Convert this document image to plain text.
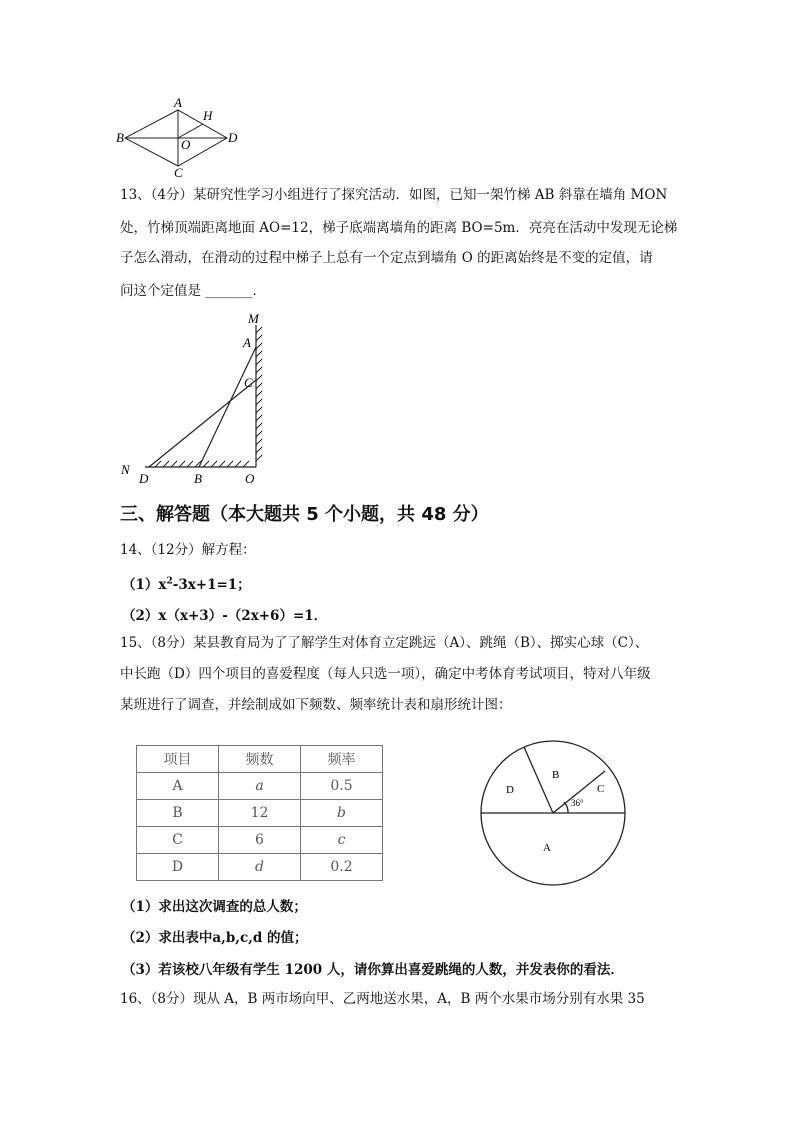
A
H
B	D
O
C
13、（4分）某研究性学习小组进行了探究活动．如图，已知一架竹梯 AB 斜靠在墙角 MON
处，竹梯顶端距离地面 AO=12，梯子底端离墙角的距离 BO=5m．亮亮在活动中发现无论梯
子怎么滑动，在滑动的过程中梯子上总有一个定点到墙角 O 的距离始终是不变的定值，请
问这个定值是 _______．
M
A
C
N
D	B	O
三、解答题（本大题共 5 个小题，共 48 分）
14、（12分）解方程：
$(1)x^2-3x+1=1$；
（2）x（x+3）-（2x+6）=1．
15、（8分）某县教育局为了了解学生对体育立定跳远（A）、跳绳（B）、掷实心球（C）、
中长跑（D）四个项目的喜爱程度（每人只选一项），确定中考体育考试项目，特对八年级
某班进行了调查，并绘制成如下频数、频率统计表和扇形统计图：
项目	频数	频率
A	a	0.5
B	12	b
C	6	c
D	d	0.2
B
C
D
A
36°
（1）求出这次调查的总人数；
（2）求出表中a,b,c,d 的值；
（3）若该校八年级有学生 1200 人，请你算出喜爱跳绳的人数，并发表你的看法．
16、（8分）现从 A，B 两市场向甲、乙两地送水果，A，B 两个水果市场分别有水果 35
